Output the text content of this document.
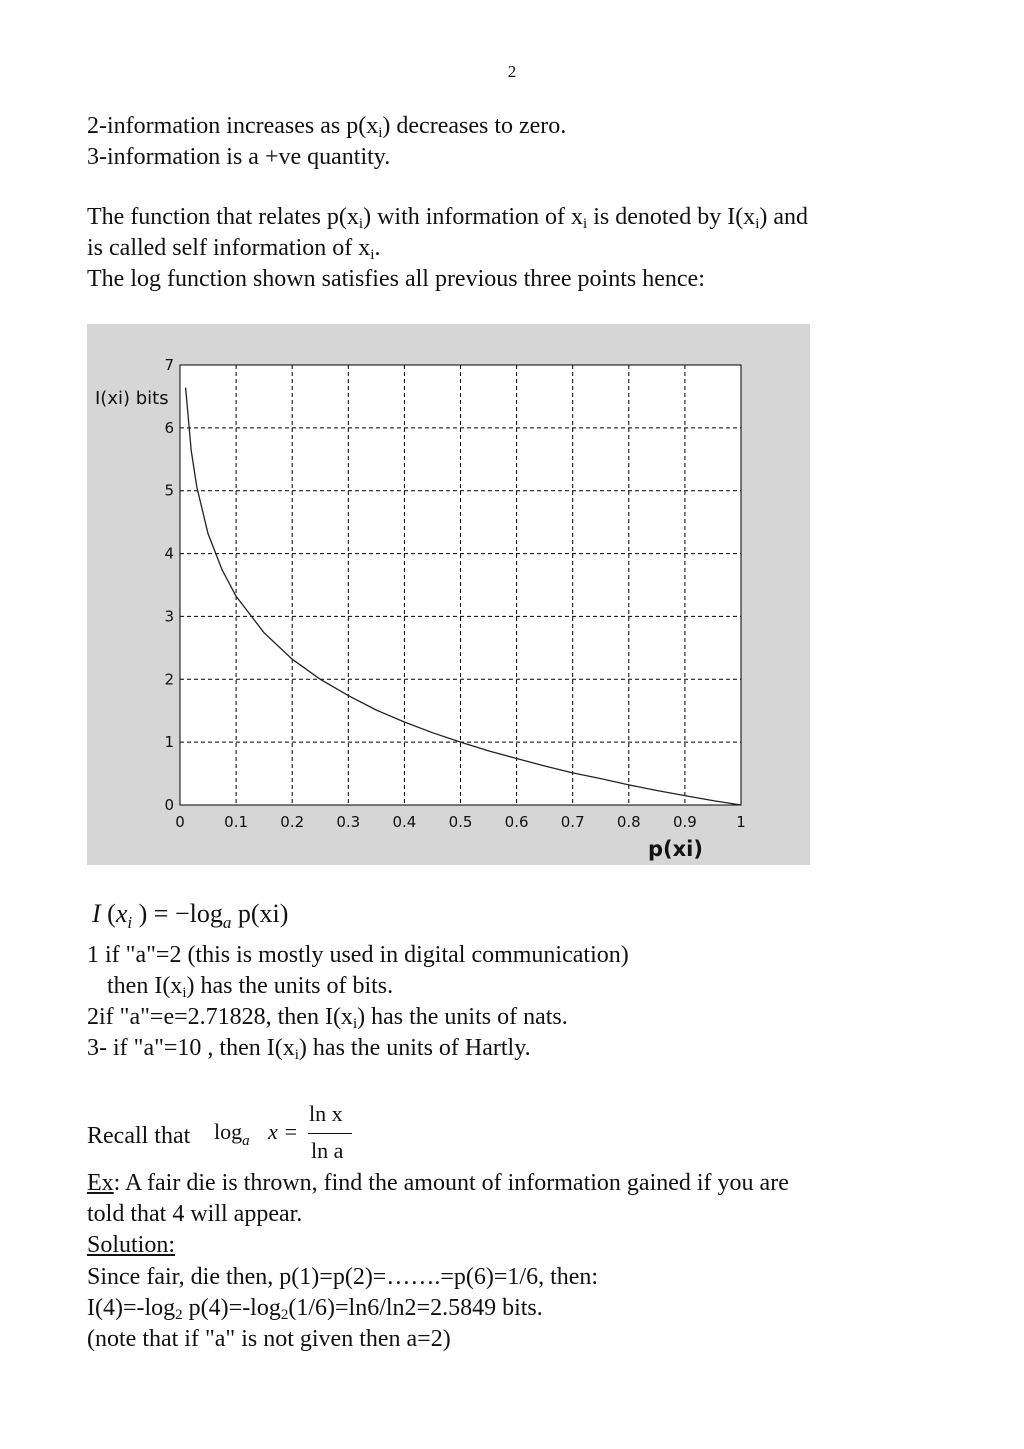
2
2-information increases as $p(x_i)$ decreases to zero.
3-information is a +ve quantity.
The function that relates $p(x_i)$ with information of $x_i$ is denoted by $I(x_i)$ and
is called self information of $x_i$.
The log function shown satisfies all previous three points hence:
0	0.1 0.2 0.3 0.4 0.5 0.6 0.7 0.8 0.9	1
0
1
2
3
4
5
6
7
I(xi) bits
p(xi)
I ($x_i$ ) = $-\log_a$ p(xi)
1 if "a"=2 (this is mostly used in digital communication)
then $I(x_i)$ has the units of bits.
2if "a"=e=2.71828, then $I(x_i)$ has the units of nats.
3- if "a"=10 , then $I(x_i)$ has the units of Hartly.
Recall that $\log_a x$ =
ln x
ln a
Ex: A fair die is thrown, find the amount of information gained if you are
told that 4 will appear.
Solution:
Since fair, die then, p(1)=p(2)=…….=p(6)=1/6, then:
$I(4)=-\log_2$ $p(4)=-\log_2(1/6)=\ln 6/\ln 2=2.5849$ bits.
(note that if "a" is not given then a=2)
